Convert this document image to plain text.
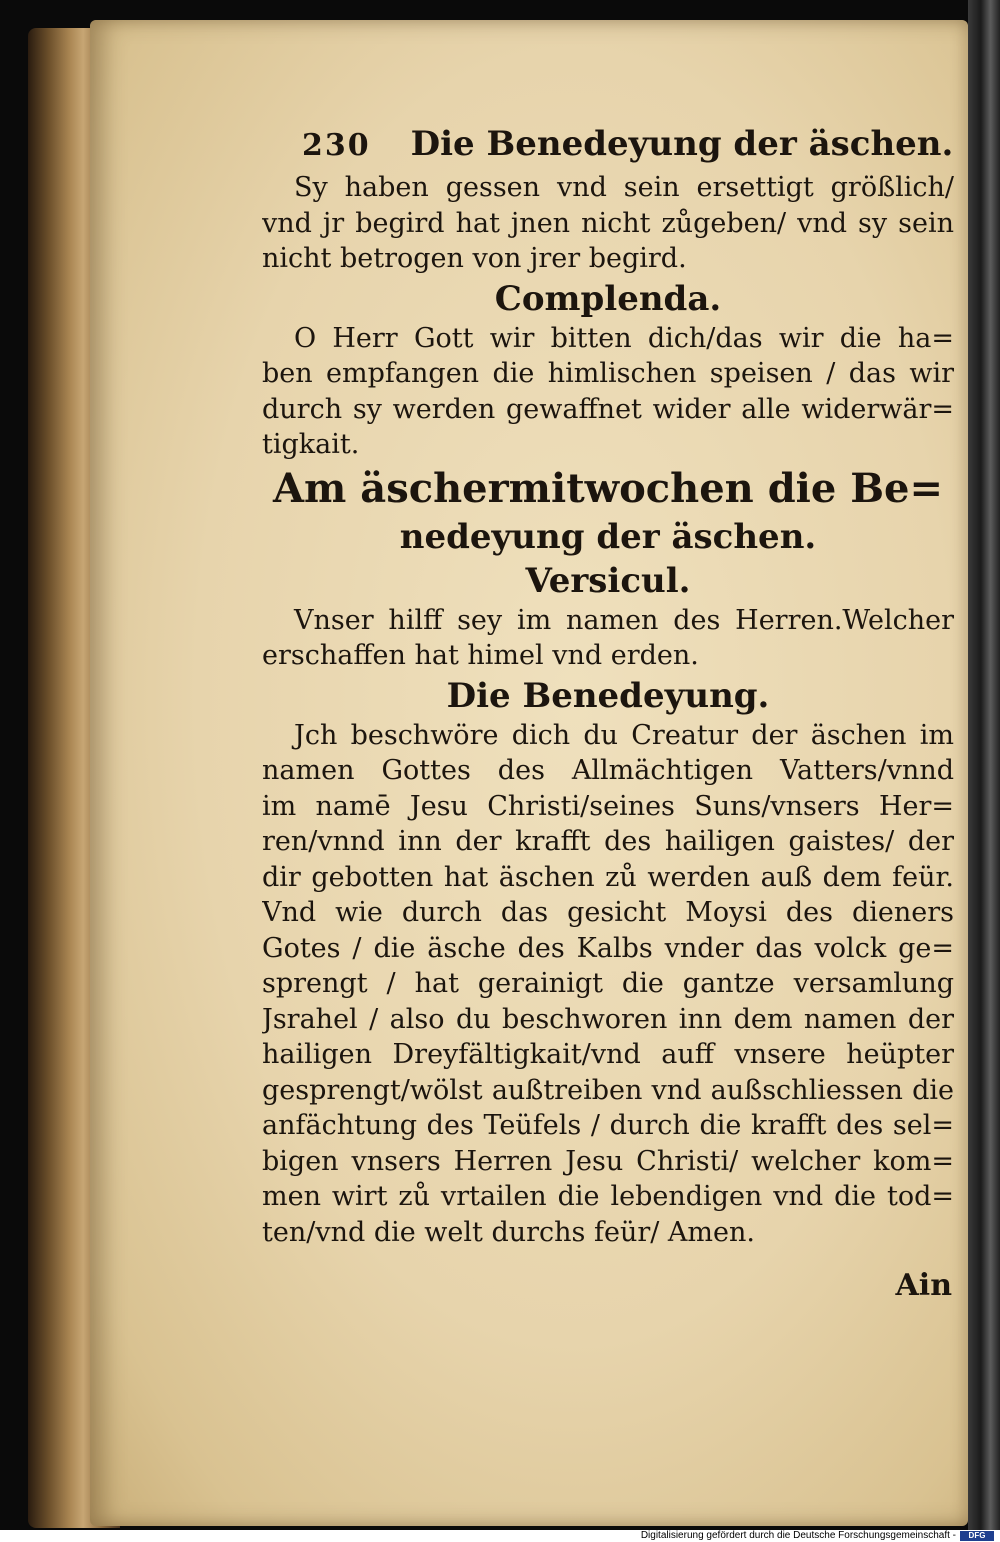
230 Die Benedeyung der äschen.
Sy haben gessen vnd sein ersettigt größlich/
vnd jr begird hat jnen nicht zůgeben/ vnd sy sein
nicht betrogen von jrer begird.
Complenda.
O Herr Gott wir bitten dich/das wir die ha=
ben empfangen die himlischen speisen / das wir
durch sy werden gewaffnet wider alle widerwär=
tigkait.
Am äschermitwochen die Be=
nedeyung der äschen.
Versicul.
Vnser hilff sey im namen des Herren.Welcher
erschaffen hat himel vnd erden.
Die Benedeyung.
Jch beschwöre dich du Creatur der äschen im
namen Gottes des Allmächtigen Vatters/vnnd
im namē Jesu Christi/seines Suns/vnsers Her=
ren/vnnd inn der krafft des hailigen gaistes/ der
dir gebotten hat äschen zů werden auß dem feür.
Vnd wie durch das gesicht Moysi des dieners
Gotes / die äsche des Kalbs vnder das volck ge=
sprengt / hat gerainigt die gantze versamlung
Jsrahel / also du beschworen inn dem namen der
hailigen Dreyfältigkait/vnd auff vnsere heüpter
gesprengt/wölst außtreiben vnd außschliessen die
anfächtung des Teüfels / durch die krafft des sel=
bigen vnsers Herren Jesu Christi/ welcher kom=
men wirt zů vrtailen die lebendigen vnd die tod=
ten/vnd die welt durchs feür/ Amen.
Ain
Digitalisierung gefördert durch die Deutsche Forschungsgemeinschaft -	DFG
